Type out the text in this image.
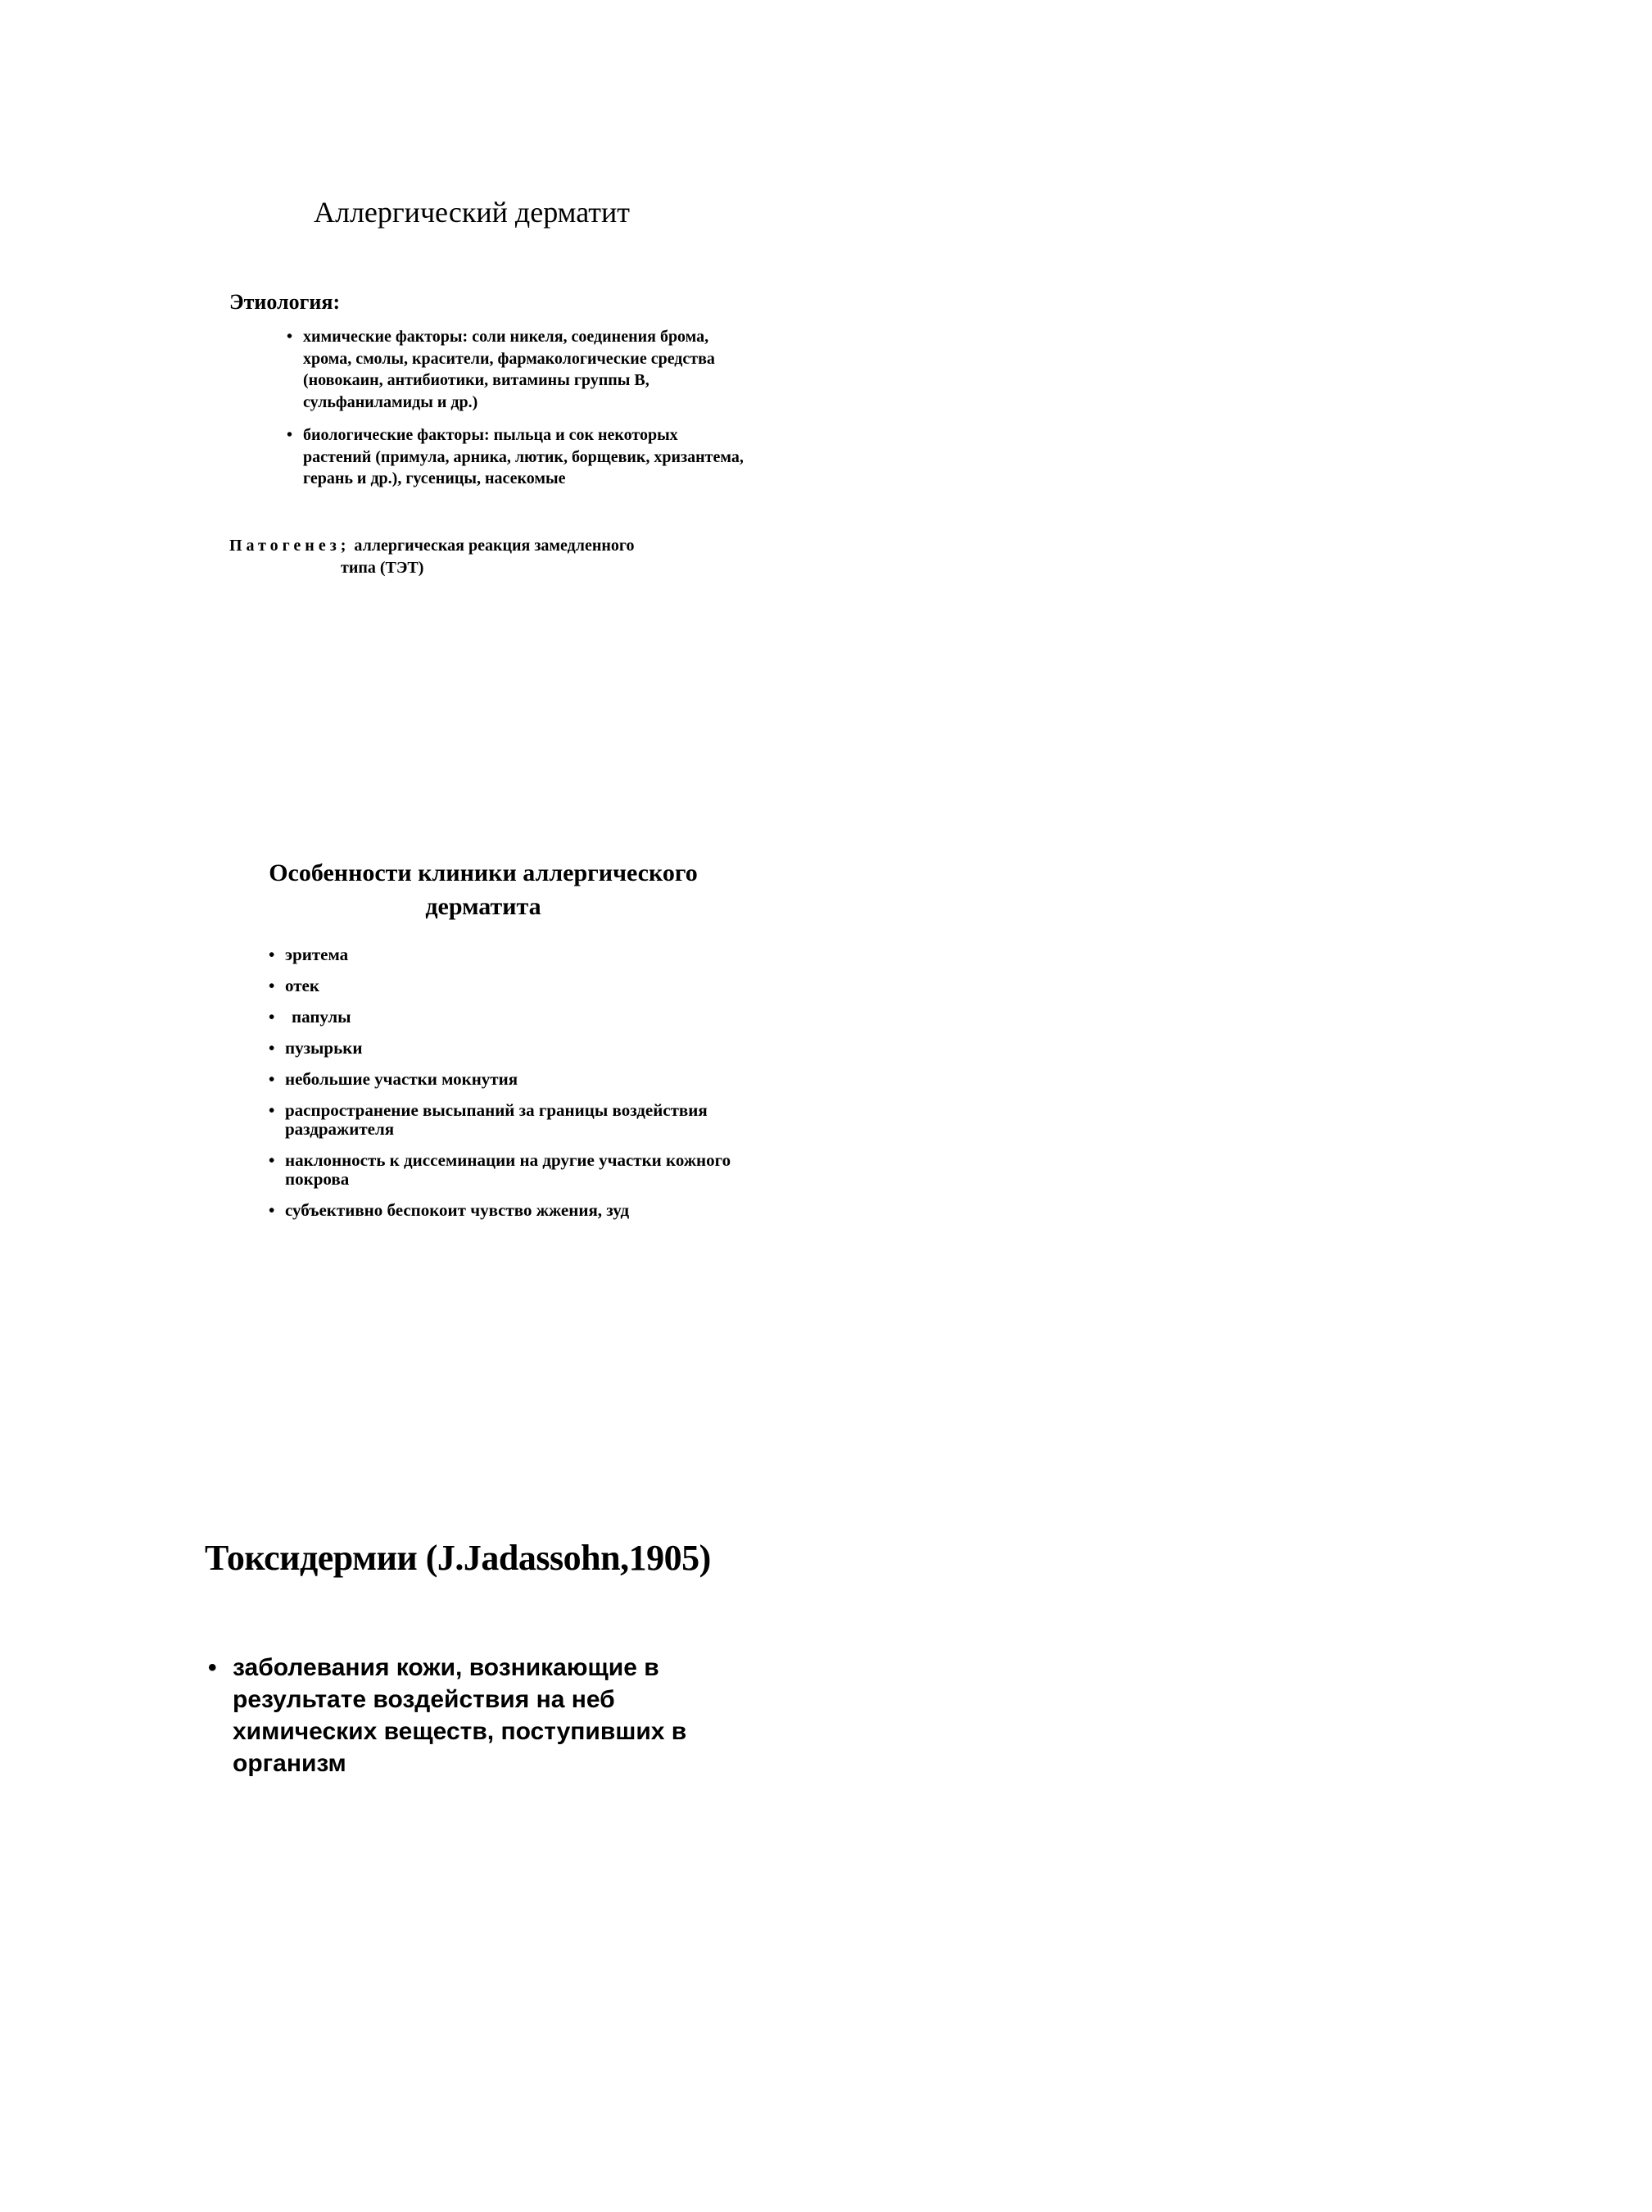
Аллергический дерматит
Этиология:
• химические факторы: соли никеля, соединения брома, хрома, смолы, красители, фармакологические средства (новокаин, антибиотики, витамины группы В, сульфаниламиды и др.)
• биологические факторы: пыльца и сок некоторых растений (примула, арника, лютик, борщевик, хризантема, герань и др.), гусеницы, насекомые

Патогенез; аллергическая реакция замедленного
типа (ТЭТ)

Особенности клиники аллергического дерматита
• эритема
• отек
• папулы
• пузырьки
• небольшие участки мокнутия
• распространение высыпаний за границы воздействия раздражителя
• наклонность к диссеминации на другие участки кожного покрова
• субъективно беспокоит чувство жжения, зуд
Токсидермии (J.Jadassohn,1905)
• заболевания кожи, возникающие в результате воздействия на неб химических веществ, поступивших в организм
